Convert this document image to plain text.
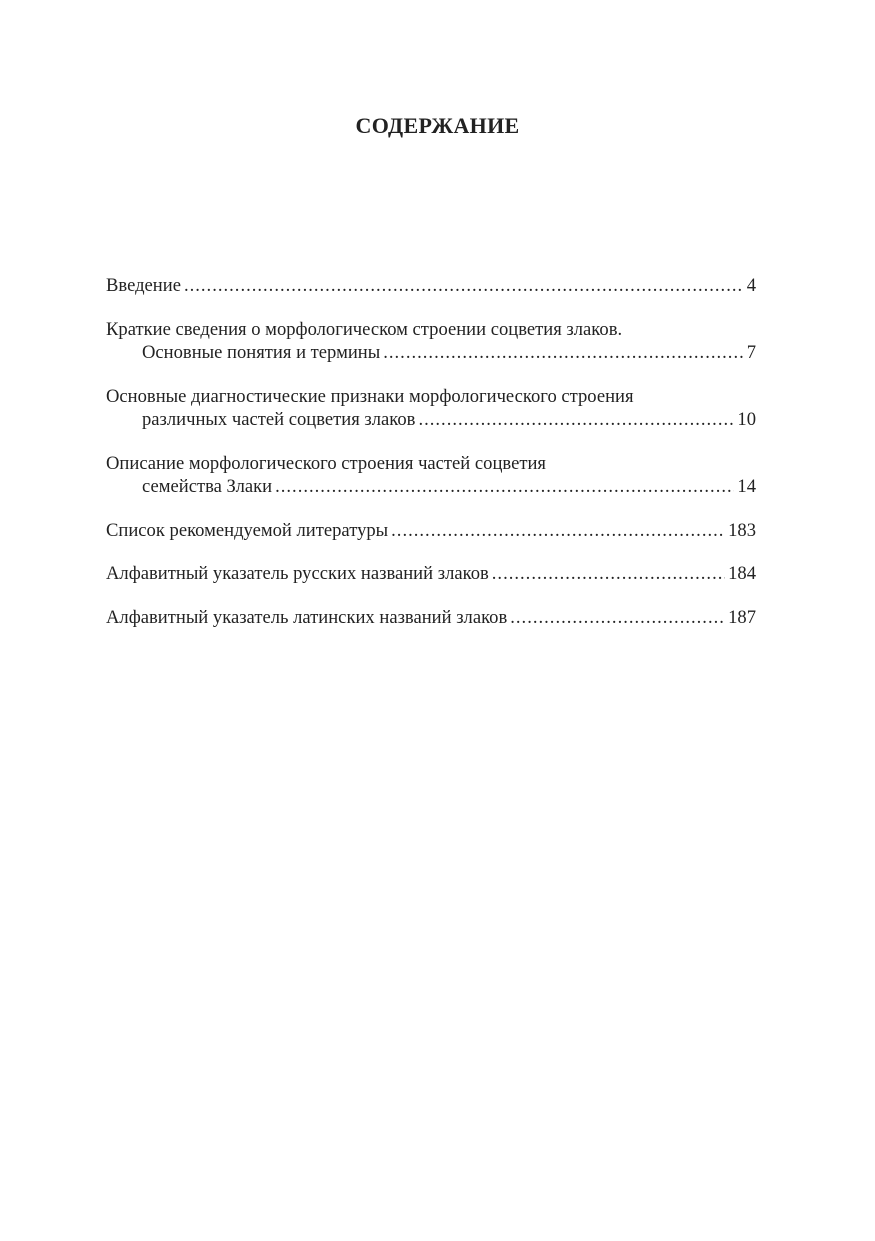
СОДЕРЖАНИЕ
Введение .....	4
Краткие сведения о морфологическом строении соцветия злаков.
Основные понятия и термины .....	7
Основные диагностические признаки морфологического строения
различных частей соцветия злаков .....	10
Описание морфологического строения частей соцветия
семейства Злаки .....	14
Список рекомендуемой литературы .....	183
Алфавитный указатель русских названий злаков .....	184
Алфавитный указатель латинских названий злаков .....	187
